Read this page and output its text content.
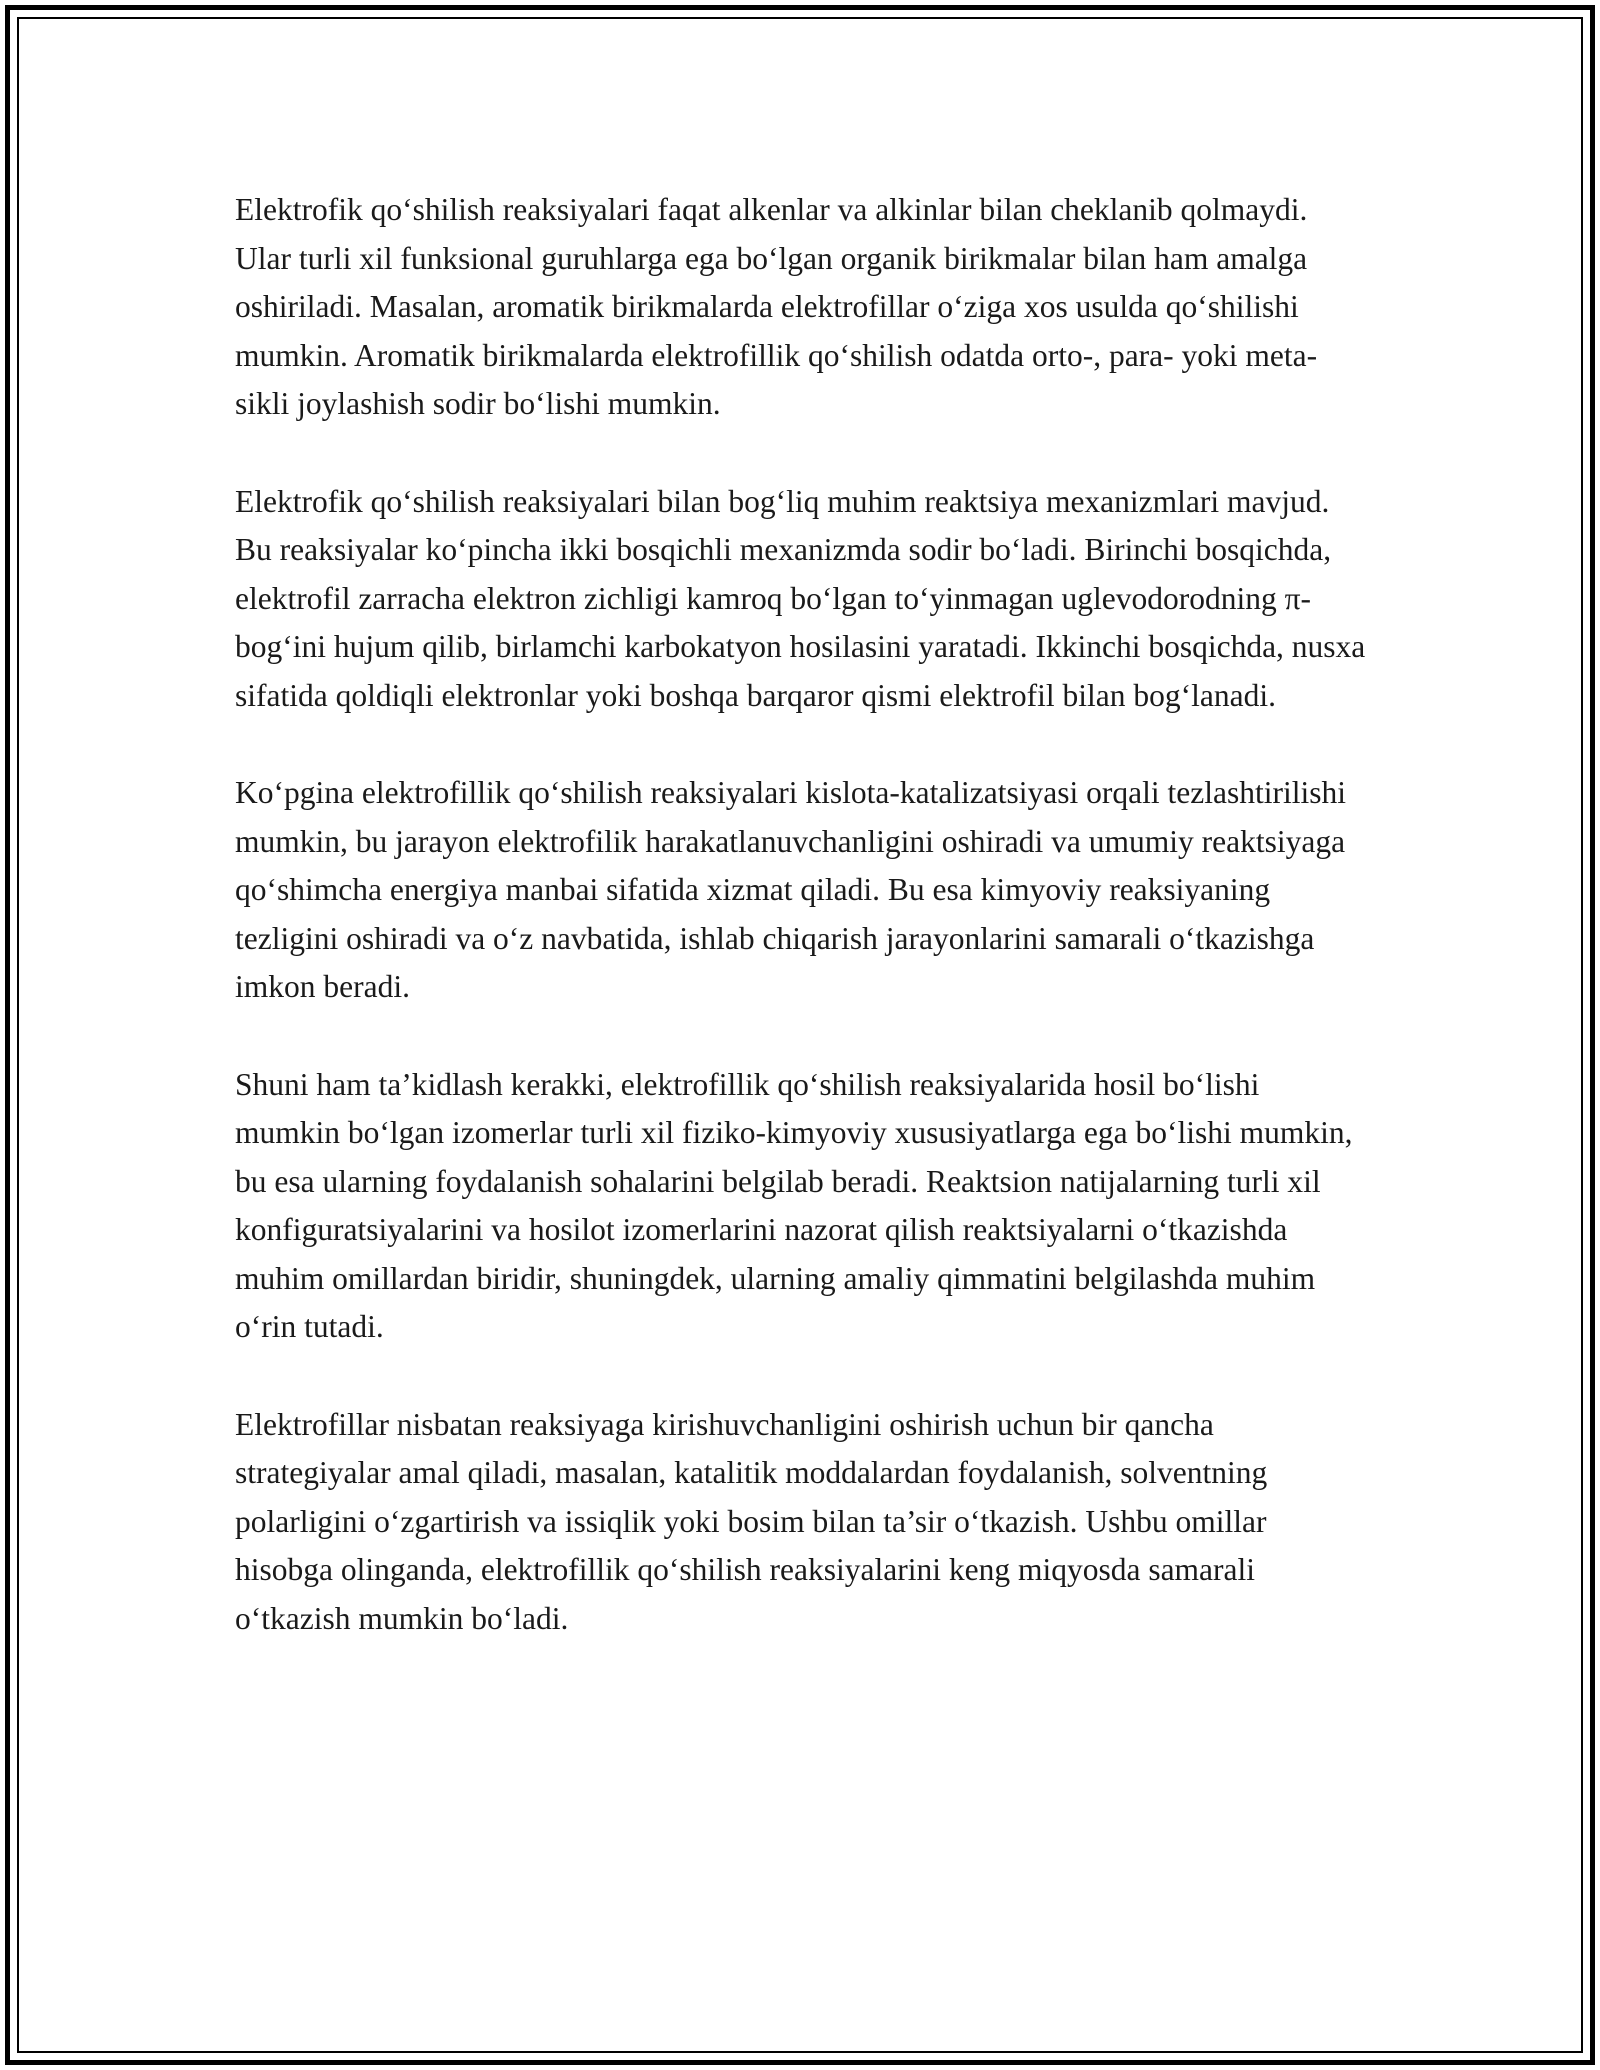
Elektrofik qo‘shilish reaksiyalari faqat alkenlar va alkinlar bilan cheklanib qolmaydi. Ular turli xil funksional guruhlarga ega bo‘lgan organik birikmalar bilan ham amalga oshiriladi. Masalan, aromatik birikmalarda elektrofillar o‘ziga xos usulda qo‘shilishi mumkin. Aromatik birikmalarda elektrofillik qo‘shilish odatda orto-, para- yoki meta-sikli joylashish sodir bo‘lishi mumkin.

Elektrofik qo‘shilish reaksiyalari bilan bog‘liq muhim reaktsiya mexanizmlari mavjud. Bu reaksiyalar ko‘pincha ikki bosqichli mexanizmda sodir bo‘ladi. Birinchi bosqichda, elektrofil zarracha elektron zichligi kamroq bo‘lgan to‘yinmagan uglevodorodning π-bog‘ini hujum qilib, birlamchi karbokatyon hosilasini yaratadi. Ikkinchi bosqichda, nusxa sifatida qoldiqli elektronlar yoki boshqa barqaror qismi elektrofil bilan bog‘lanadi.

Ko‘pgina elektrofillik qo‘shilish reaksiyalari kislota-katalizatsiyasi orqali tezlashtirilishi mumkin, bu jarayon elektrofilik harakatlanuvchanligini oshiradi va umumiy reaktsiyaga qo‘shimcha energiya manbai sifatida xizmat qiladi. Bu esa kimyoviy reaksiyaning tezligini oshiradi va o‘z navbatida, ishlab chiqarish jarayonlarini samarali o‘tkazishga imkon beradi.

Shuni ham ta’kidlash kerakki, elektrofillik qo‘shilish reaksiyalarida hosil bo‘lishi mumkin bo‘lgan izomerlar turli xil fiziko-kimyoviy xususiyatlarga ega bo‘lishi mumkin, bu esa ularning foydalanish sohalarini belgilab beradi. Reaktsion natijalarning turli xil konfiguratsiyalarini va hosilot izomerlarini nazorat qilish reaktsiyalarni o‘tkazishda muhim omillardan biridir, shuningdek, ularning amaliy qimmatini belgilashda muhim o‘rin tutadi.

Elektrofillar nisbatan reaksiyaga kirishuvchanligini oshirish uchun bir qancha strategiyalar amal qiladi, masalan, katalitik moddalardan foydalanish, solventning polarligini o‘zgartirish va issiqlik yoki bosim bilan ta’sir o‘tkazish. Ushbu omillar hisobga olinganda, elektrofillik qo‘shilish reaksiyalarini keng miqyosda samarali o‘tkazish mumkin bo‘ladi.
